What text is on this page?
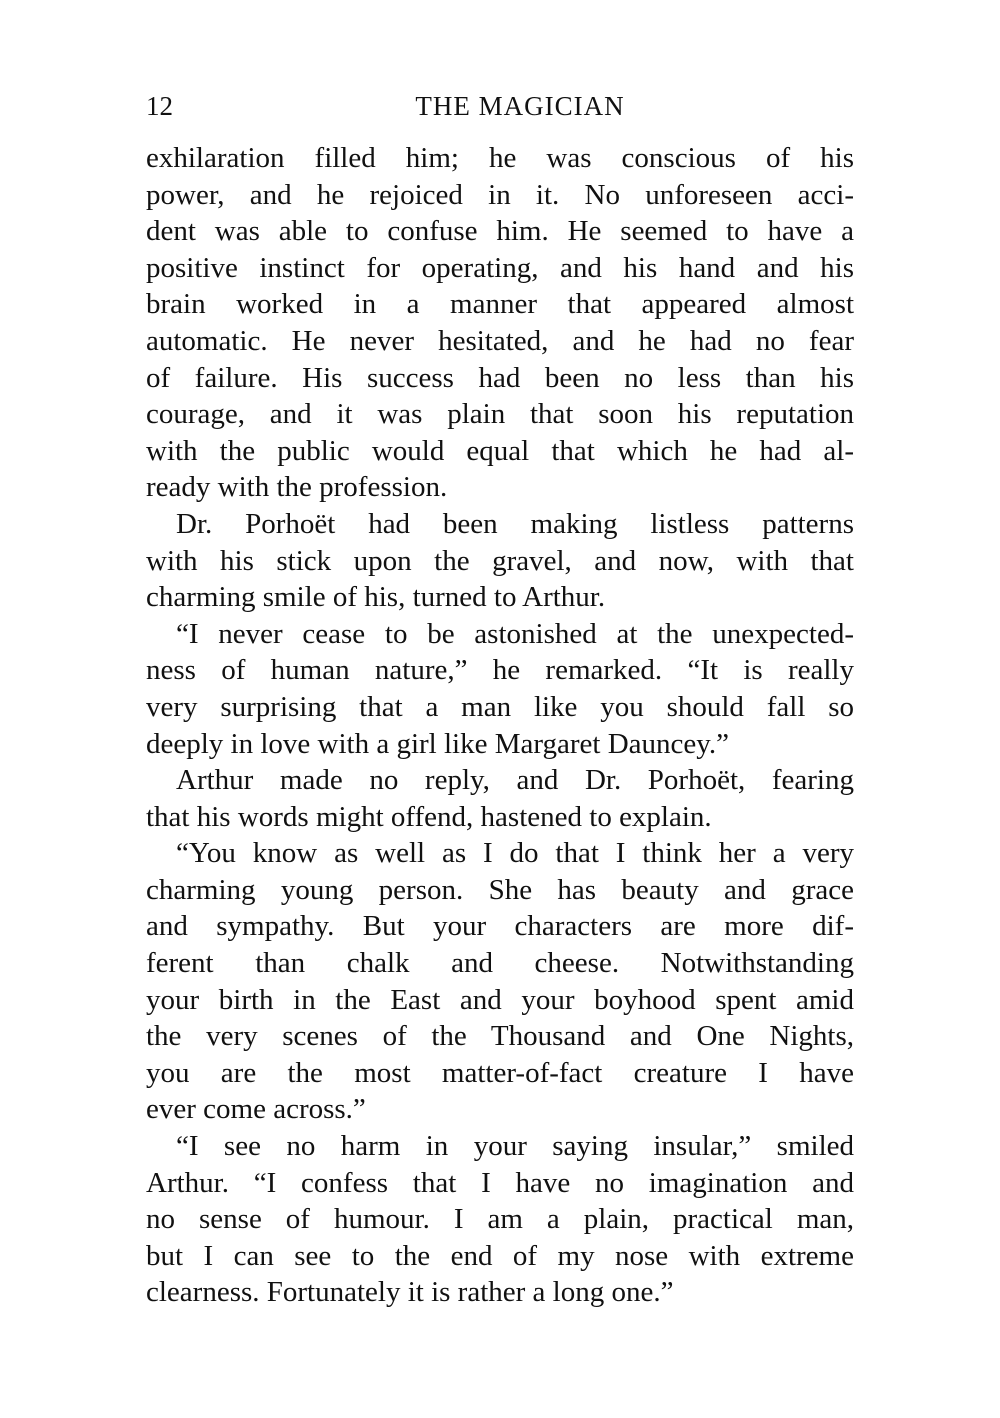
12	THE MAGICIAN
exhilaration filled him; he was conscious of his
power, and he rejoiced in it. No unforeseen acci-
dent was able to confuse him. He seemed to have a
positive instinct for operating, and his hand and his
brain worked in a manner that appeared almost
automatic. He never hesitated, and he had no fear
of failure. His success had been no less than his
courage, and it was plain that soon his reputation
with the public would equal that which he had al-
ready with the profession.
Dr. Porhoët had been making listless patterns
with his stick upon the gravel, and now, with that
charming smile of his, turned to Arthur.
“I never cease to be astonished at the unexpected-
ness of human nature,” he remarked. “It is really
very surprising that a man like you should fall so
deeply in love with a girl like Margaret Dauncey.”
Arthur made no reply, and Dr. Porhoët, fearing
that his words might offend, hastened to explain.
“You know as well as I do that I think her a very
charming young person. She has beauty and grace
and sympathy. But your characters are more dif-
ferent than chalk and cheese. Notwithstanding
your birth in the East and your boyhood spent amid
the very scenes of the Thousand and One Nights,
you are the most matter-of-fact creature I have
ever come across.”
“I see no harm in your saying insular,” smiled
Arthur. “I confess that I have no imagination and
no sense of humour. I am a plain, practical man,
but I can see to the end of my nose with extreme
clearness. Fortunately it is rather a long one.”
